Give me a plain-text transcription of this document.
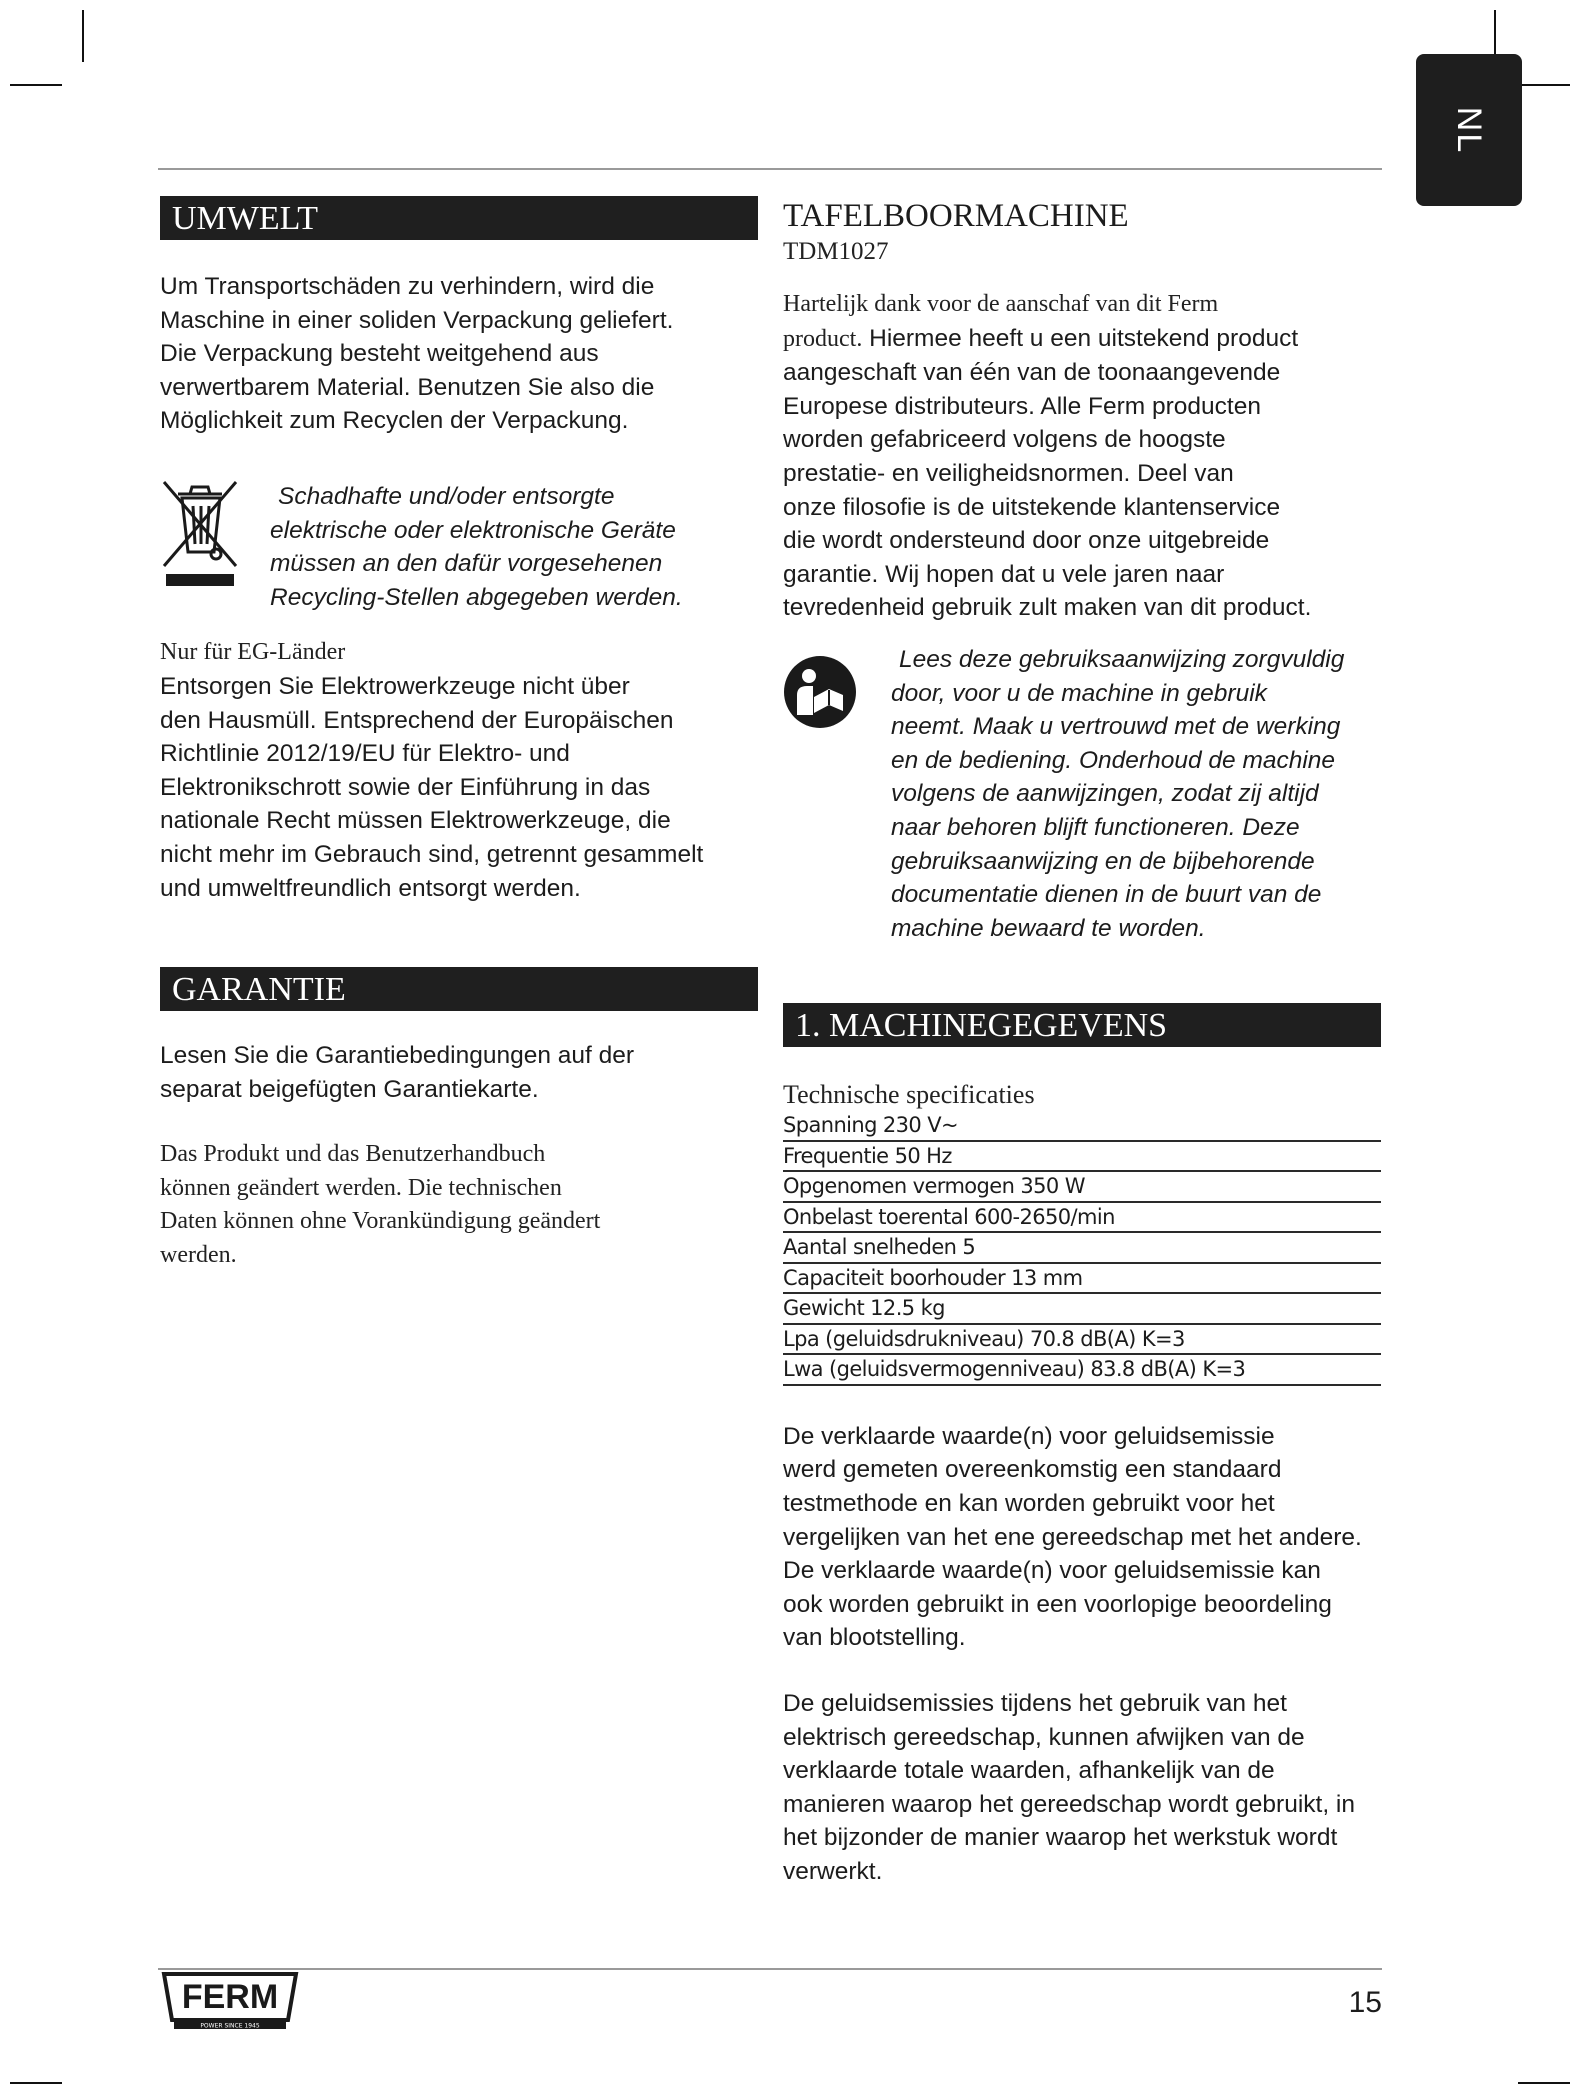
NL
UMWELT
Um Transportschäden zu verhindern, wird die
Maschine in einer soliden Verpackung geliefert.
Die Verpackung besteht weitgehend aus
verwertbarem Material. Benutzen Sie also die
Möglichkeit zum Recyclen der Verpackung.
Schadhafte und/oder entsorgte
elektrische oder elektronische Geräte
müssen an den dafür vorgesehenen
Recycling-Stellen abgegeben werden.
Nur für EG-Länder
Entsorgen Sie Elektrowerkzeuge nicht über
den Hausmüll. Entsprechend der Europäischen
Richtlinie 2012/19/EU für Elektro- und
Elektronikschrott sowie der Einführung in das
nationale Recht müssen Elektrowerkzeuge, die
nicht mehr im Gebrauch sind, getrennt gesammelt
und umweltfreundlich entsorgt werden.
GARANTIE
Lesen Sie die Garantiebedingungen auf der
separat beigefügten Garantiekarte.
Das Produkt und das Benutzerhandbuch
können geändert werden. Die technischen
Daten können ohne Vorankündigung geändert
werden.
TAFELBOORMACHINE
TDM1027
Hartelijk dank voor de aanschaf van dit Ferm
product. Hiermee heeft u een uitstekend product
aangeschaft van één van de toonaangevende
Europese distributeurs. Alle Ferm producten
worden gefabriceerd volgens de hoogste
prestatie- en veiligheidsnormen. Deel van
onze filosofie is de uitstekende klantenservice
die wordt ondersteund door onze uitgebreide
garantie. Wij hopen dat u vele jaren naar
tevredenheid gebruik zult maken van dit product.
Lees deze gebruiksaanwijzing zorgvuldig
door, voor u de machine in gebruik
neemt. Maak u vertrouwd met de werking
en de bediening. Onderhoud de machine
volgens de aanwijzingen, zodat zij altijd
naar behoren blijft functioneren. Deze
gebruiksaanwijzing en de bijbehorende
documentatie dienen in de buurt van de
machine bewaard te worden.
1. MACHINEGEGEVENS
Technische specificaties
Spanning 230 V~
Frequentie 50 Hz
Opgenomen vermogen 350 W
Onbelast toerental 600-2650/min
Aantal snelheden 5
Capaciteit boorhouder 13 mm
Gewicht 12.5 kg
Lpa (geluidsdrukniveau) 70.8 dB(A) K=3
Lwa (geluidsvermogenniveau) 83.8 dB(A) K=3
De verklaarde waarde(n) voor geluidsemissie
werd gemeten overeenkomstig een standaard
testmethode en kan worden gebruikt voor het
vergelijken van het ene gereedschap met het andere.
De verklaarde waarde(n) voor geluidsemissie kan
ook worden gebruikt in een voorlopige beoordeling
van blootstelling.
De geluidsemissies tijdens het gebruik van het
elektrisch gereedschap, kunnen afwijken van de
verklaarde totale waarden, afhankelijk van de
manieren waarop het gereedschap wordt gebruikt, in
het bijzonder de manier waarop het werkstuk wordt
verwerkt.
FERM
POWER SINCE 1945
15
